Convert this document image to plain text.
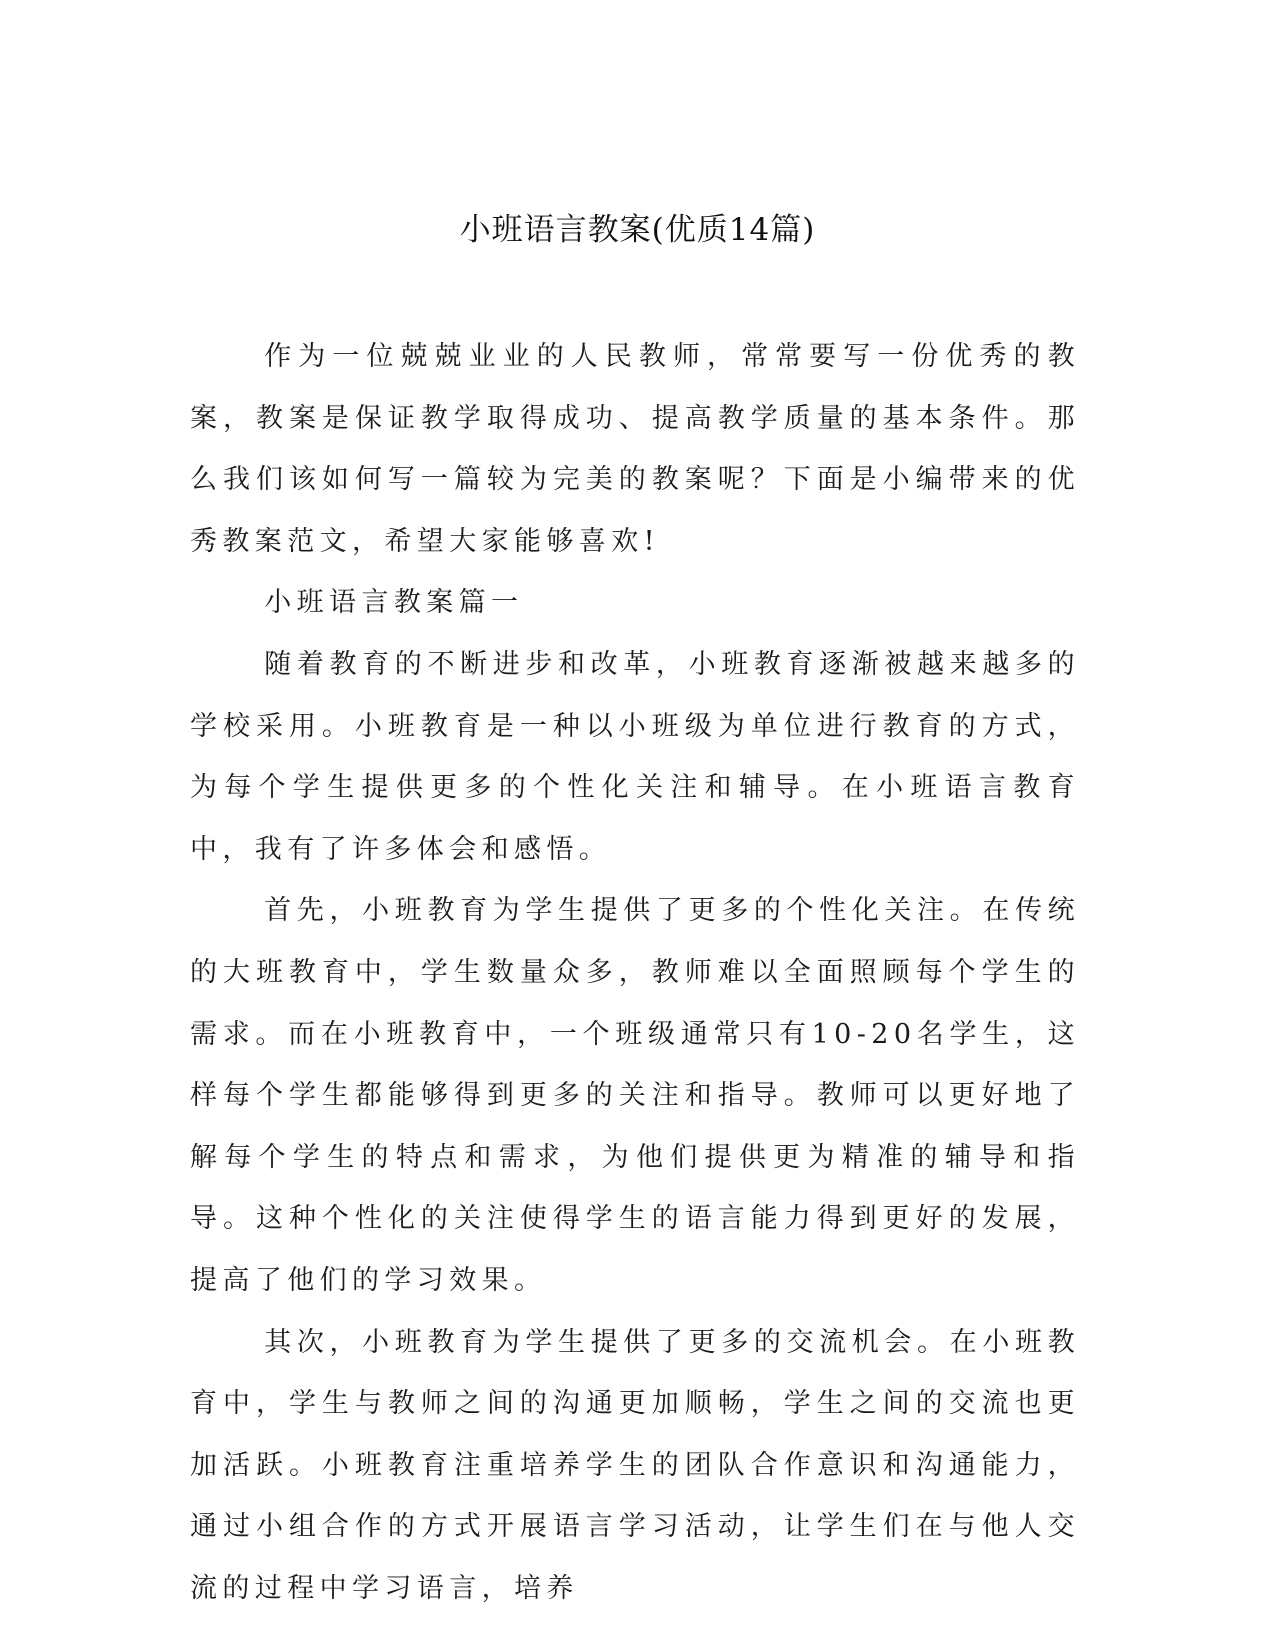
小班语言教案(优质14篇)

作为一位兢兢业业的人民教师，常常要写一份优秀的教案，教案是保证教学取得成功、提高教学质量的基本条件。那么我们该如何写一篇较为完美的教案呢？下面是小编带来的优秀教案范文，希望大家能够喜欢!

小班语言教案篇一

随着教育的不断进步和改革，小班教育逐渐被越来越多的学校采用。小班教育是一种以小班级为单位进行教育的方式，为每个学生提供更多的个性化关注和辅导。在小班语言教育中，我有了许多体会和感悟。

首先，小班教育为学生提供了更多的个性化关注。在传统的大班教育中，学生数量众多，教师难以全面照顾每个学生的需求。而在小班教育中，一个班级通常只有10-20名学生，这样每个学生都能够得到更多的关注和指导。教师可以更好地了解每个学生的特点和需求，为他们提供更为精准的辅导和指导。这种个性化的关注使得学生的语言能力得到更好的发展，提高了他们的学习效果。

其次，小班教育为学生提供了更多的交流机会。在小班教育中，学生与教师之间的沟通更加顺畅，学生之间的交流也更加活跃。小班教育注重培养学生的团队合作意识和沟通能力，通过小组合作的方式开展语言学习活动，让学生们在与他人交流的过程中学习语言，培养
